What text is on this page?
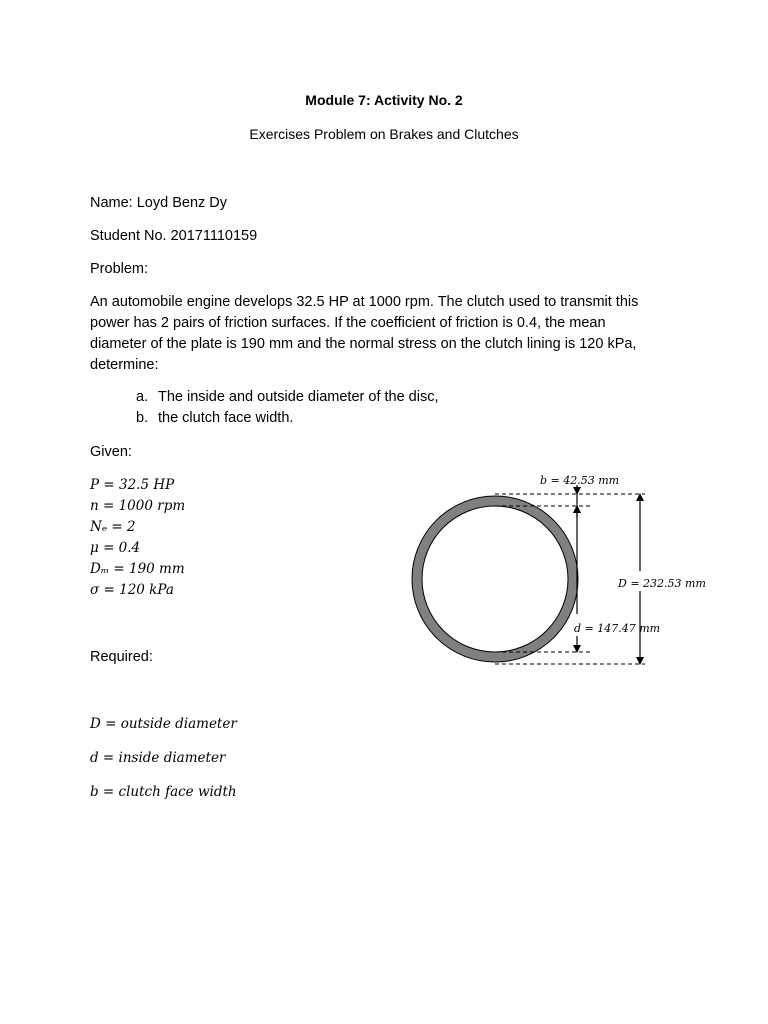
Module 7: Activity No. 2
Exercises Problem on Brakes and Clutches
Name: Loyd Benz Dy
Student No. 20171110159
Problem:
An automobile engine develops 32.5 HP at 1000 rpm. The clutch used to transmit this
power has 2 pairs of friction surfaces. If the coefficient of friction is 0.4, the mean
diameter of the plate is 190 mm and the normal stress on the clutch lining is 120 kPa,
determine:
a. The inside and outside diameter of the disc,
b. the clutch face width.
Given:
P = 32.5 HP
n = 1000 rpm
Nₑ = 2
μ = 0.4
Dₘ = 190 mm
σ = 120 kPa
Required:
D = outside diameter
d = inside diameter
b = clutch face width
b = 42.53 mm
D = 232.53 mm
d = 147.47 mm
